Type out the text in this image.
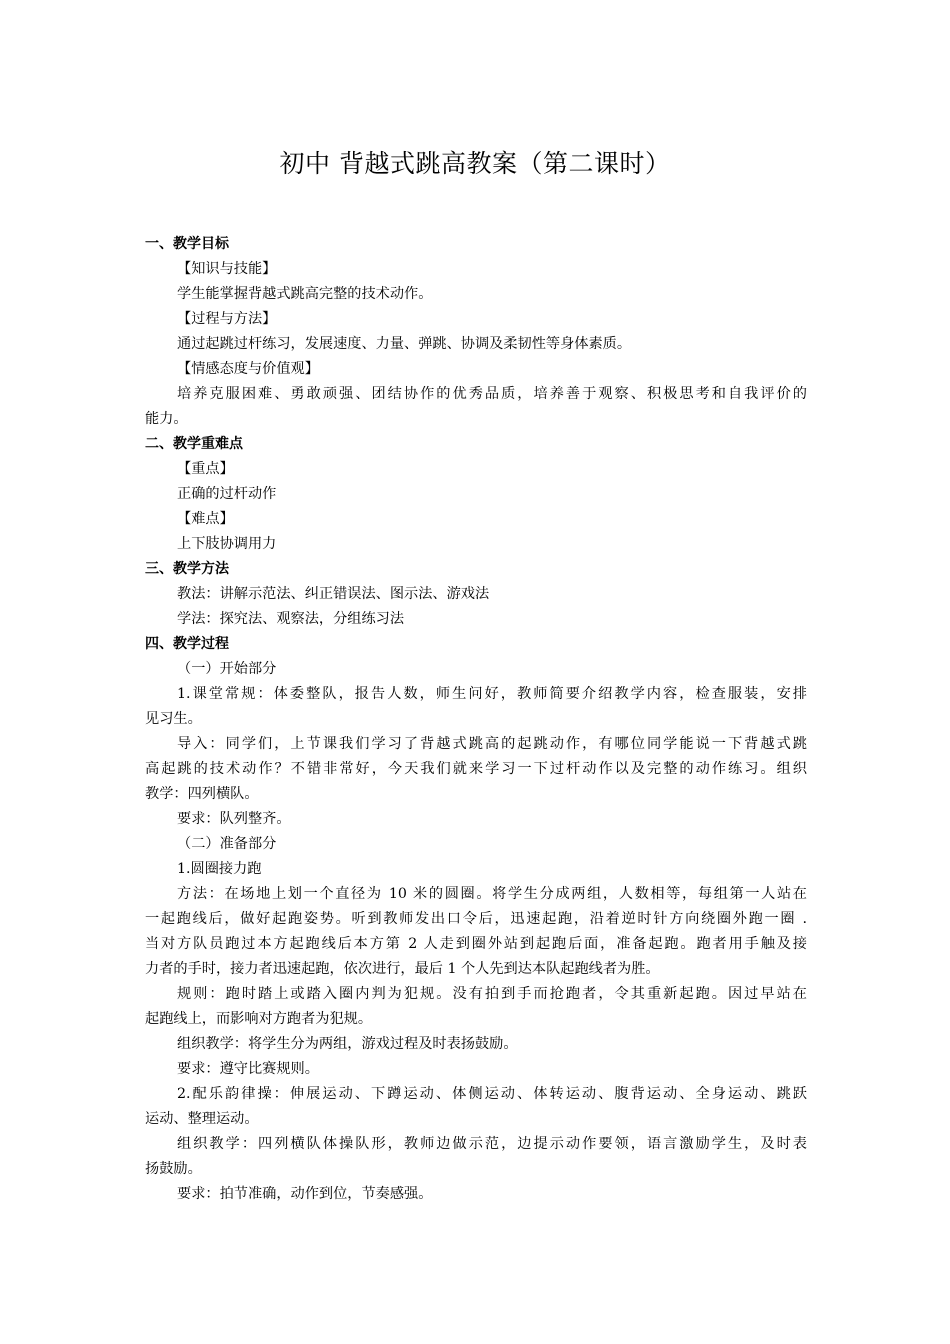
初中 背越式跳高教案（第二课时）
一、教学目标
【知识与技能】
学生能掌握背越式跳高完整的技术动作。
【过程与方法】
通过起跳过杆练习，发展速度、力量、弹跳、协调及柔韧性等身体素质。
【情感态度与价值观】
培养克服困难、勇敢顽强、团结协作的优秀品质，培养善于观察、积极思考和自我评价的
能力。
二、教学重难点
【重点】
正确的过杆动作
【难点】
上下肢协调用力
三、教学方法
教法：讲解示范法、纠正错误法、图示法、游戏法
学法：探究法、观察法，分组练习法
四、教学过程
（一）开始部分
1.课堂常规：体委整队，报告人数，师生问好，教师简要介绍教学内容，检查服装，安排
见习生。
导入：同学们，上节课我们学习了背越式跳高的起跳动作，有哪位同学能说一下背越式跳
高起跳的技术动作？不错非常好，今天我们就来学习一下过杆动作以及完整的动作练习。组织
教学：四列横队。
要求：队列整齐。
（二）准备部分
1.圆圈接力跑
方法：在场地上划一个直径为 10 米的圆圈。将学生分成两组，人数相等，每组第一人站在
一起跑线后，做好起跑姿势。听到教师发出口令后，迅速起跑，沿着逆时针方向绕圈外跑一圈 .
当对方队员跑过本方起跑线后本方第 2 人走到圈外站到起跑后面，准备起跑。跑者用手触及接
力者的手时，接力者迅速起跑，依次进行，最后 1 个人先到达本队起跑线者为胜。
规则：跑时踏上或踏入圈内判为犯规。没有拍到手而抢跑者，令其重新起跑。因过早站在
起跑线上，而影响对方跑者为犯规。
组织教学：将学生分为两组，游戏过程及时表扬鼓励。
要求：遵守比赛规则。
2.配乐韵律操：伸展运动、下蹲运动、体侧运动、体转运动、腹背运动、全身运动、跳跃
运动、整理运动。
组织教学：四列横队体操队形，教师边做示范，边提示动作要领，语言激励学生，及时表
扬鼓励。
要求：拍节准确，动作到位，节奏感强。
